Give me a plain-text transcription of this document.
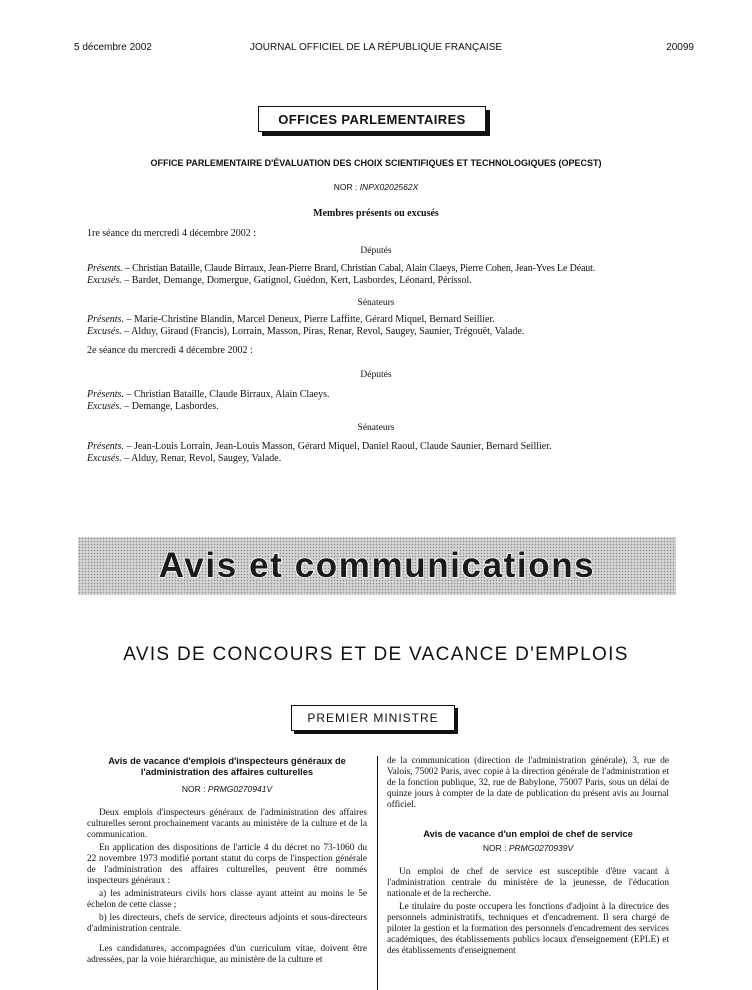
5 décembre 2002	JOURNAL OFFICIEL DE LA RÉPUBLIQUE FRANÇAISE	20099
OFFICES PARLEMENTAIRES
OFFICE PARLEMENTAIRE D'ÉVALUATION DES CHOIX SCIENTIFIQUES ET TECHNOLOGIQUES (OPECST)
NOR : INPX0202562X
Membres présents ou excusés
1re séance du mercredi 4 décembre 2002 :
Députés
Présents. – Christian Bataille, Claude Birraux, Jean-Pierre Brard, Christian Cabal, Alain Claeys, Pierre Cohen, Jean-Yves Le Déaut.
Excusés. – Bardet, Demange, Domergue, Gatignol, Guédon, Kert, Lasbordes, Léonard, Périssol.
Sénateurs
Présents. – Marie-Christine Blandin, Marcel Deneux, Pierre Laffitte, Gérard Miquel, Bernard Seillier.
Excusés. – Alduy, Giraud (Francis), Lorrain, Masson, Piras, Renar, Revol, Saugey, Saunier, Trégouët, Valade.
2e séance du mercredi 4 décembre 2002 :
Députés
Présents. – Christian Bataille, Claude Birraux, Alain Claeys.
Excusés. – Demange, Lasbordes.
Sénateurs
Présents. – Jean-Louis Lorrain, Jean-Louis Masson, Gérard Miquel, Daniel Raoul, Claude Saunier, Bernard Seillier.
Excusés. – Alduy, Renar, Revol, Saugey, Valade.
Avis et communications
AVIS DE CONCOURS ET DE VACANCE D'EMPLOIS
PREMIER MINISTRE
Avis de vacance d'emplois d'inspecteurs généraux de l'administration des affaires culturelles
NOR : PRMG0270941V

Deux emplois d'inspecteurs généraux de l'administration des affaires culturelles seront prochainement vacants au ministère de la culture et de la communication.

En application des dispositions de l'article 4 du décret no 73-1060 du 22 novembre 1973 modifié portant statut du corps de l'inspection générale de l'administration des affaires culturelles, peuvent être nommés inspecteurs généraux :

a) les administrateurs civils hors classe ayant atteint au moins le 5e échelon de cette classe ;

b) les directeurs, chefs de service, directeurs adjoints et sous-directeurs d'administration centrale.

Les candidatures, accompagnées d'un curriculum vitae, doivent être adressées, par la voie hiérarchique, au ministère de la culture et

de la communication (direction de l'administration générale), 3, rue de Valois, 75002 Paris, avec copie à la direction générale de l'administration et de la fonction publique, 32, rue de Babylone, 75007 Paris, sous un délai de quinze jours à compter de la date de publication du présent avis au Journal officiel.

Avis de vacance d'un emploi de chef de service
NOR : PRMG0270939V

Un emploi de chef de service est susceptible d'être vacant à l'administration centrale du ministère de la jeunesse, de l'éducation nationale et de la recherche.

Le titulaire du poste occupera les fonctions d'adjoint à la directrice des personnels administratifs, techniques et d'encadrement. Il sera chargé de piloter la gestion et la formation des personnels d'encadrement des services académiques, des établissements publics locaux d'enseignement (EPLE) et des établissements d'enseignement
